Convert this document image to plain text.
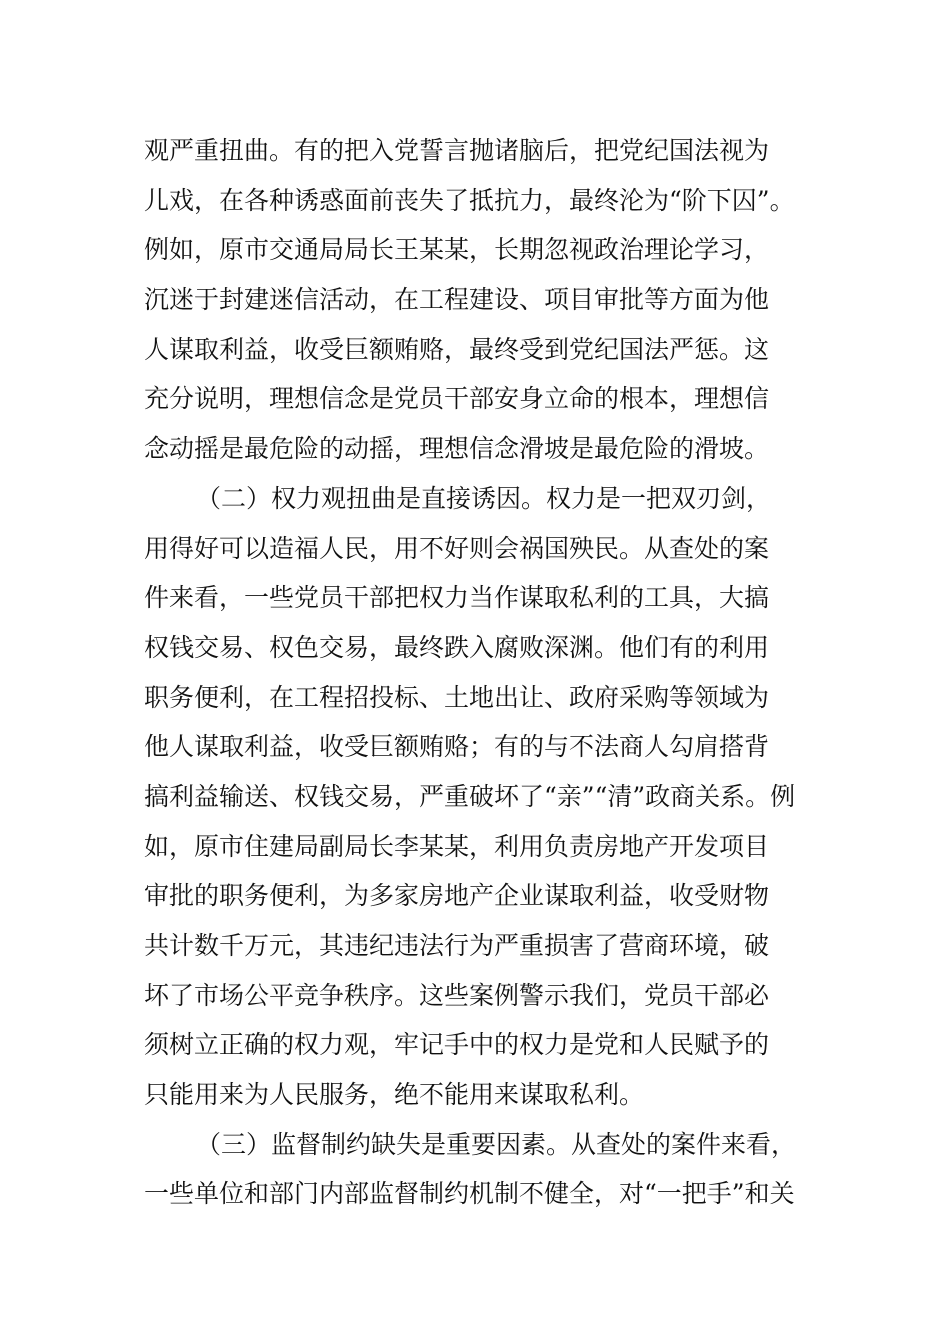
观严重扭曲。有的把入党誓言抛诸脑后，把党纪国法视为
儿戏，在各种诱惑面前丧失了抵抗力，最终沦为“阶下囚”。
例如，原市交通局局长王某某，长期忽视政治理论学习，
沉迷于封建迷信活动，在工程建设、项目审批等方面为他
人谋取利益，收受巨额贿赂，最终受到党纪国法严惩。这
充分说明，理想信念是党员干部安身立命的根本，理想信
念动摇是最危险的动摇，理想信念滑坡是最危险的滑坡。
（二）权力观扭曲是直接诱因。权力是一把双刃剑，
用得好可以造福人民，用不好则会祸国殃民。从查处的案
件来看，一些党员干部把权力当作谋取私利的工具，大搞
权钱交易、权色交易，最终跌入腐败深渊。他们有的利用
职务便利，在工程招投标、土地出让、政府采购等领域为
他人谋取利益，收受巨额贿赂；有的与不法商人勾肩搭背
搞利益输送、权钱交易，严重破坏了“亲”“清”政商关系。例
如，原市住建局副局长李某某，利用负责房地产开发项目
审批的职务便利，为多家房地产企业谋取利益，收受财物
共计数千万元，其违纪违法行为严重损害了营商环境，破
坏了市场公平竞争秩序。这些案例警示我们，党员干部必
须树立正确的权力观，牢记手中的权力是党和人民赋予的
只能用来为人民服务，绝不能用来谋取私利。
（三）监督制约缺失是重要因素。从查处的案件来看，
一些单位和部门内部监督制约机制不健全，对“一把手”和关
